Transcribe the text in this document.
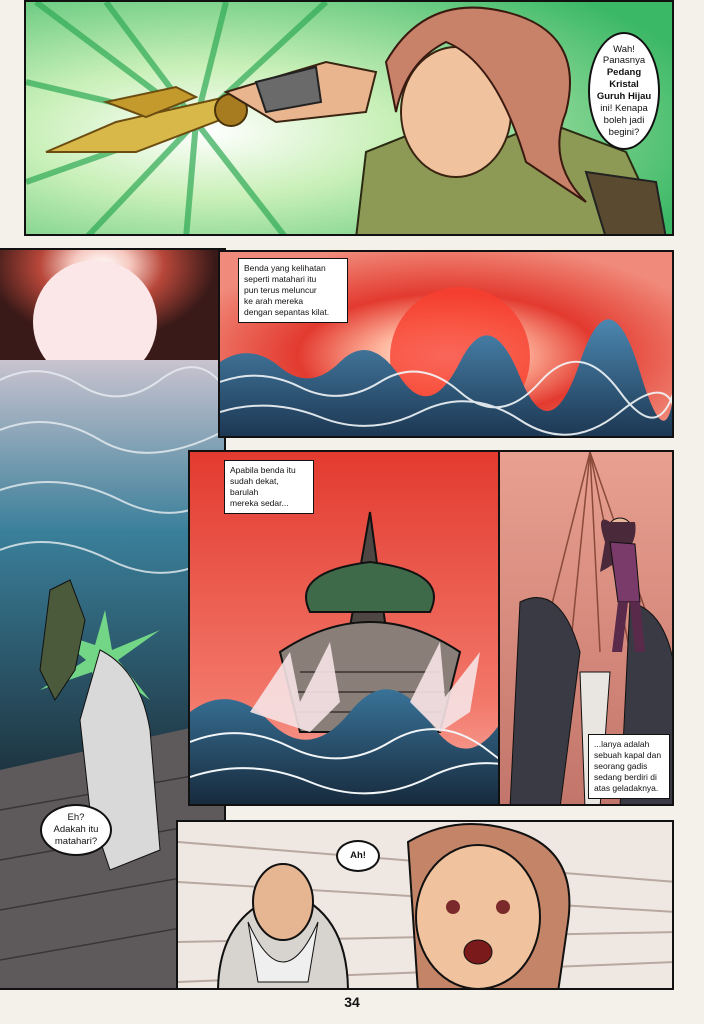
Wah!
Panasnya
Pedang
Kristal
Guruh Hijau
ini! Kenapa
boleh jadi
begini?
Eh?
Adakah itu
matahari?
Benda yang kelihatan
seperti matahari itu
pun terus meluncur
ke arah mereka
dengan sepantas kilat.
Apabila benda itu
sudah dekat, barulah
mereka sedar...
...lanya adalah
sebuah kapal dan
seorang gadis
sedang berdiri di
atas geladaknya.
Ah!
34
